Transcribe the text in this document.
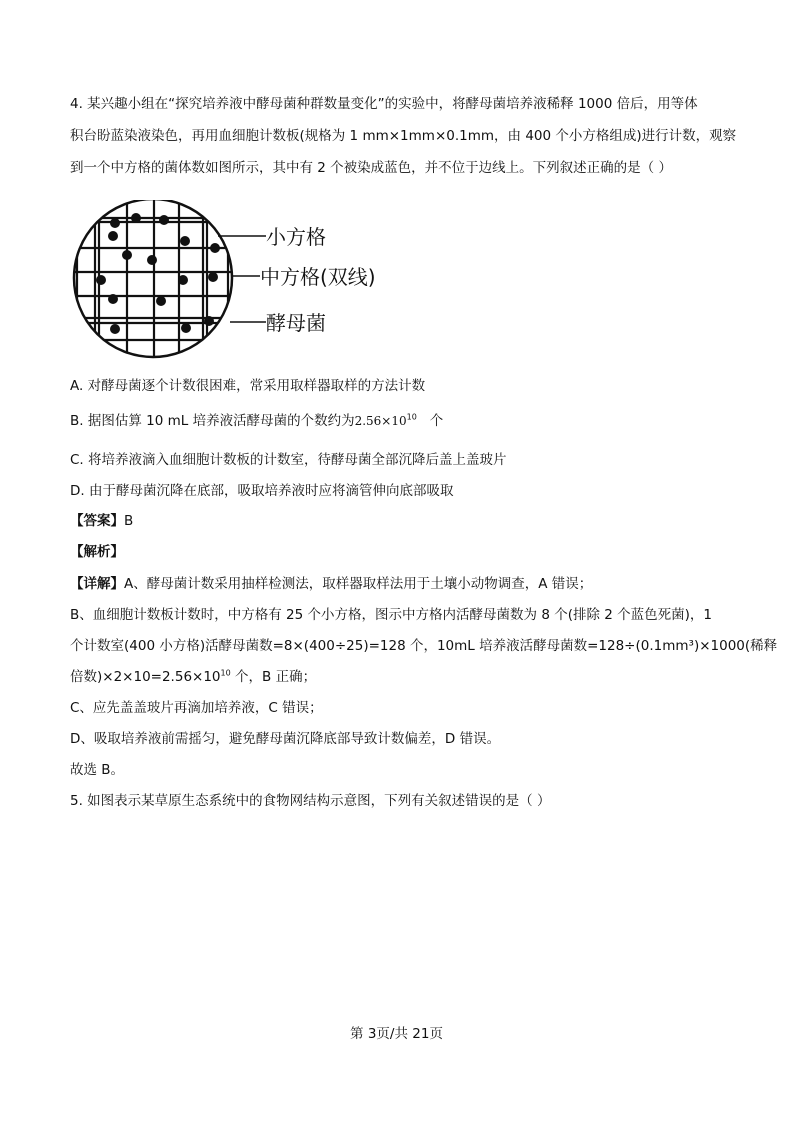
4. 某兴趣小组在“探究培养液中酵母菌种群数量变化”的实验中，将酵母菌培养液稀释 1000 倍后，用等体
积台盼蓝染液染色，再用血细胞计数板(规格为 1 mm×1mm×0.1mm，由 400 个小方格组成)进行计数，观察
到一个中方格的菌体数如图所示，其中有 2 个被染成蓝色，并不位于边线上。下列叙述正确的是（ ）
小方格
中方格(双线)
酵母菌
A. 对酵母菌逐个计数很困难，常采用取样器取样的方法计数
B. 据图估算 10 mL 培养液活酵母菌的个数约为$2.56\times 10^{10}$ 个
C. 将培养液滴入血细胞计数板的计数室，待酵母菌全部沉降后盖上盖玻片
D. 由于酵母菌沉降在底部，吸取培养液时应将滴管伸向底部吸取
【答案】B
【解析】
【详解】A、酵母菌计数采用抽样检测法，取样器取样法用于土壤小动物调查，A 错误；
B、血细胞计数板计数时，中方格有 25 个小方格，图示中方格内活酵母菌数为 8 个(排除 2 个蓝色死菌)，1
个计数室(400 小方格)活酵母菌数=8×(400÷25)=128 个，10mL 培养液活酵母菌数=128÷(0.1mm³)×1000(稀释
倍数)$\times 2\times 10=2.56\times 10^{10}$ 个，B 正确；
C、应先盖盖玻片再滴加培养液，C 错误；
D、吸取培养液前需摇匀，避免酵母菌沉降底部导致计数偏差，D 错误。
故选 B。
5. 如图表示某草原生态系统中的食物网结构示意图，下列有关叙述错误的是（ ）
第 3页/共 21页
